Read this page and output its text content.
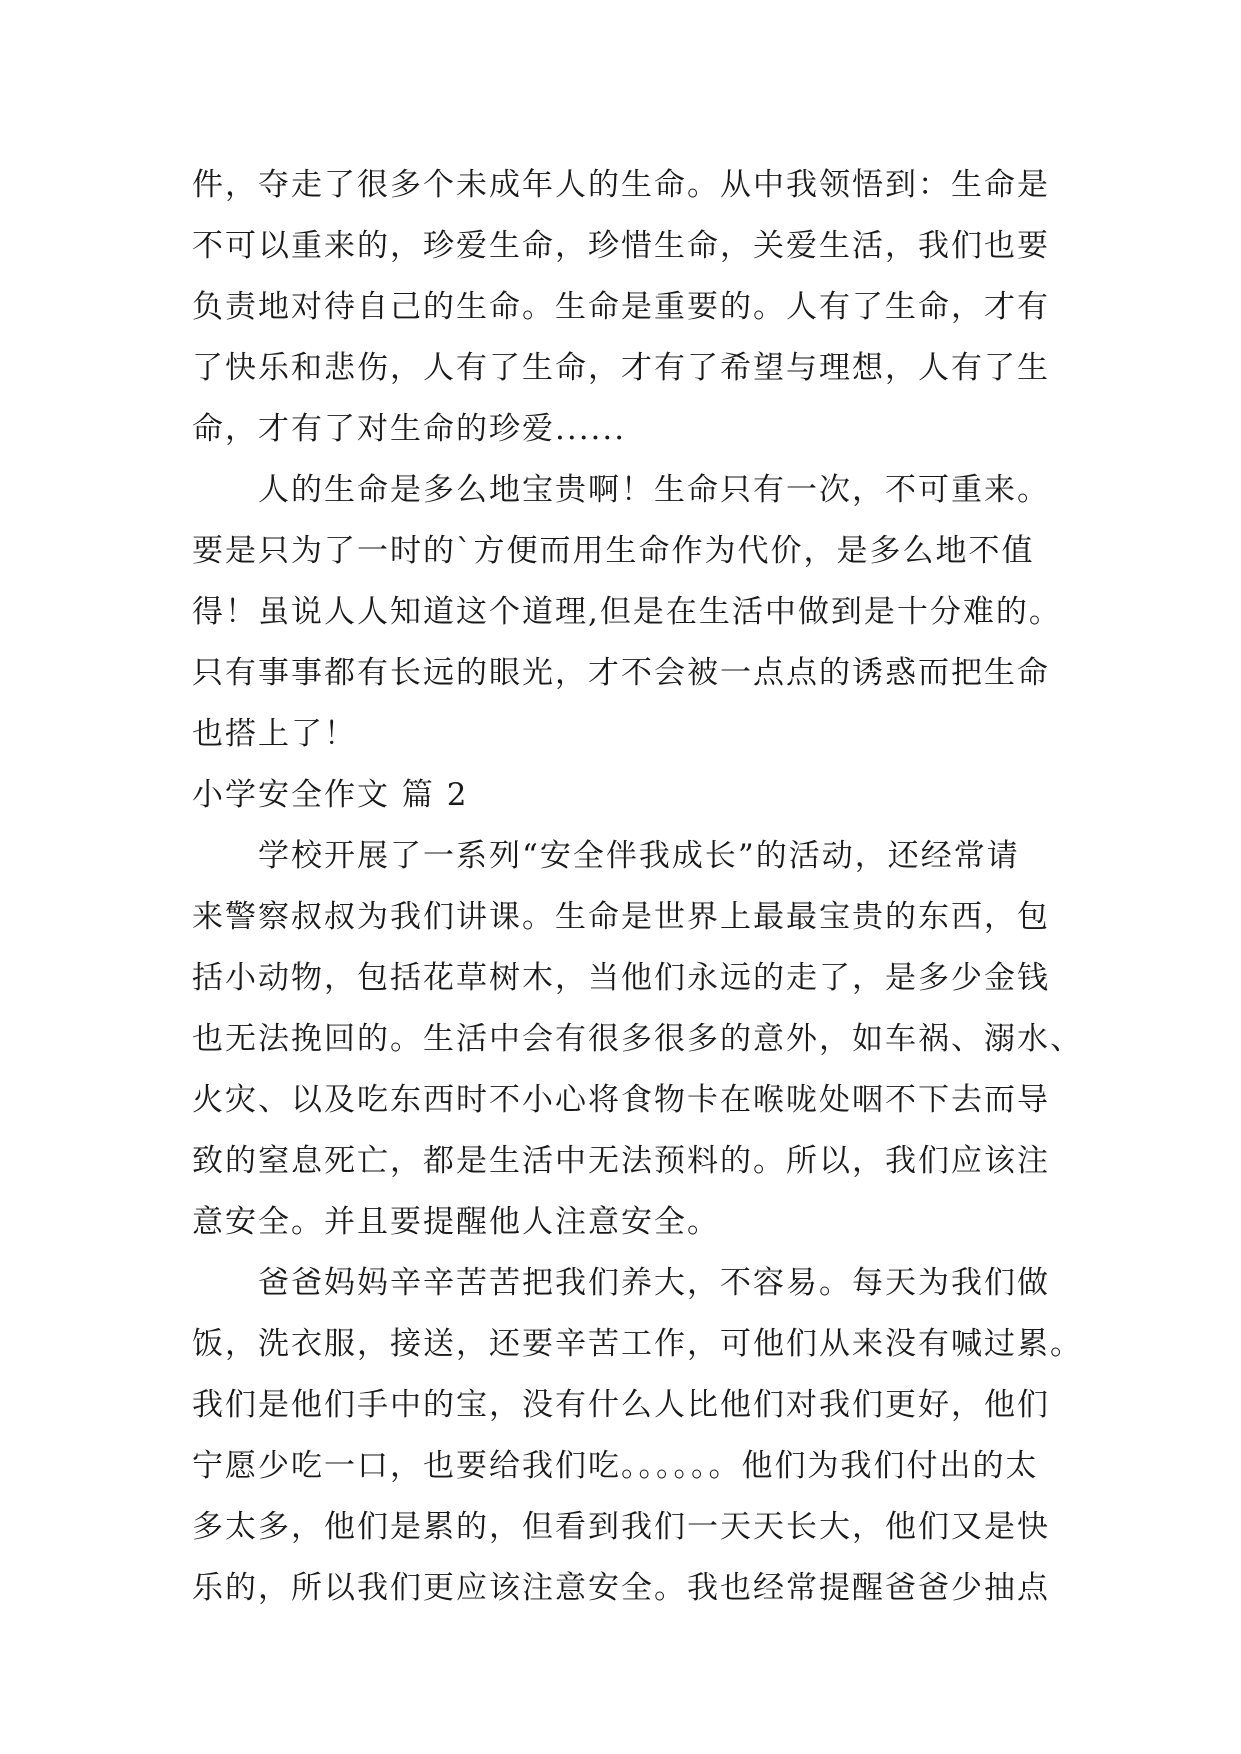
件，夺走了很多个未成年人的生命。从中我领悟到：生命是
不可以重来的，珍爱生命，珍惜生命，关爱生活，我们也要
负责地对待自己的生命。生命是重要的。人有了生命，才有
了快乐和悲伤，人有了生命，才有了希望与理想，人有了生
命，才有了对生命的珍爱......
人的生命是多么地宝贵啊！生命只有一次，不可重来。
要是只为了一时的`方便而用生命作为代价，是多么地不值
得！虽说人人知道这个道理,但是在生活中做到是十分难的。
只有事事都有长远的眼光，才不会被一点点的诱惑而把生命
也搭上了！
小学安全作文 篇 2
学校开展了一系列“安全伴我成长”的活动，还经常请
来警察叔叔为我们讲课。生命是世界上最最宝贵的东西，包
括小动物，包括花草树木，当他们永远的走了，是多少金钱
也无法挽回的。生活中会有很多很多的意外，如车祸、溺水、
火灾、以及吃东西时不小心将食物卡在喉咙处咽不下去而导
致的窒息死亡，都是生活中无法预料的。所以，我们应该注
意安全。并且要提醒他人注意安全。
爸爸妈妈辛辛苦苦把我们养大，不容易。每天为我们做
饭，洗衣服，接送，还要辛苦工作，可他们从来没有喊过累。
我们是他们手中的宝，没有什么人比他们对我们更好，他们
宁愿少吃一口，也要给我们吃。。。。。。他们为我们付出的太
多太多，他们是累的，但看到我们一天天长大，他们又是快
乐的，所以我们更应该注意安全。我也经常提醒爸爸少抽点
